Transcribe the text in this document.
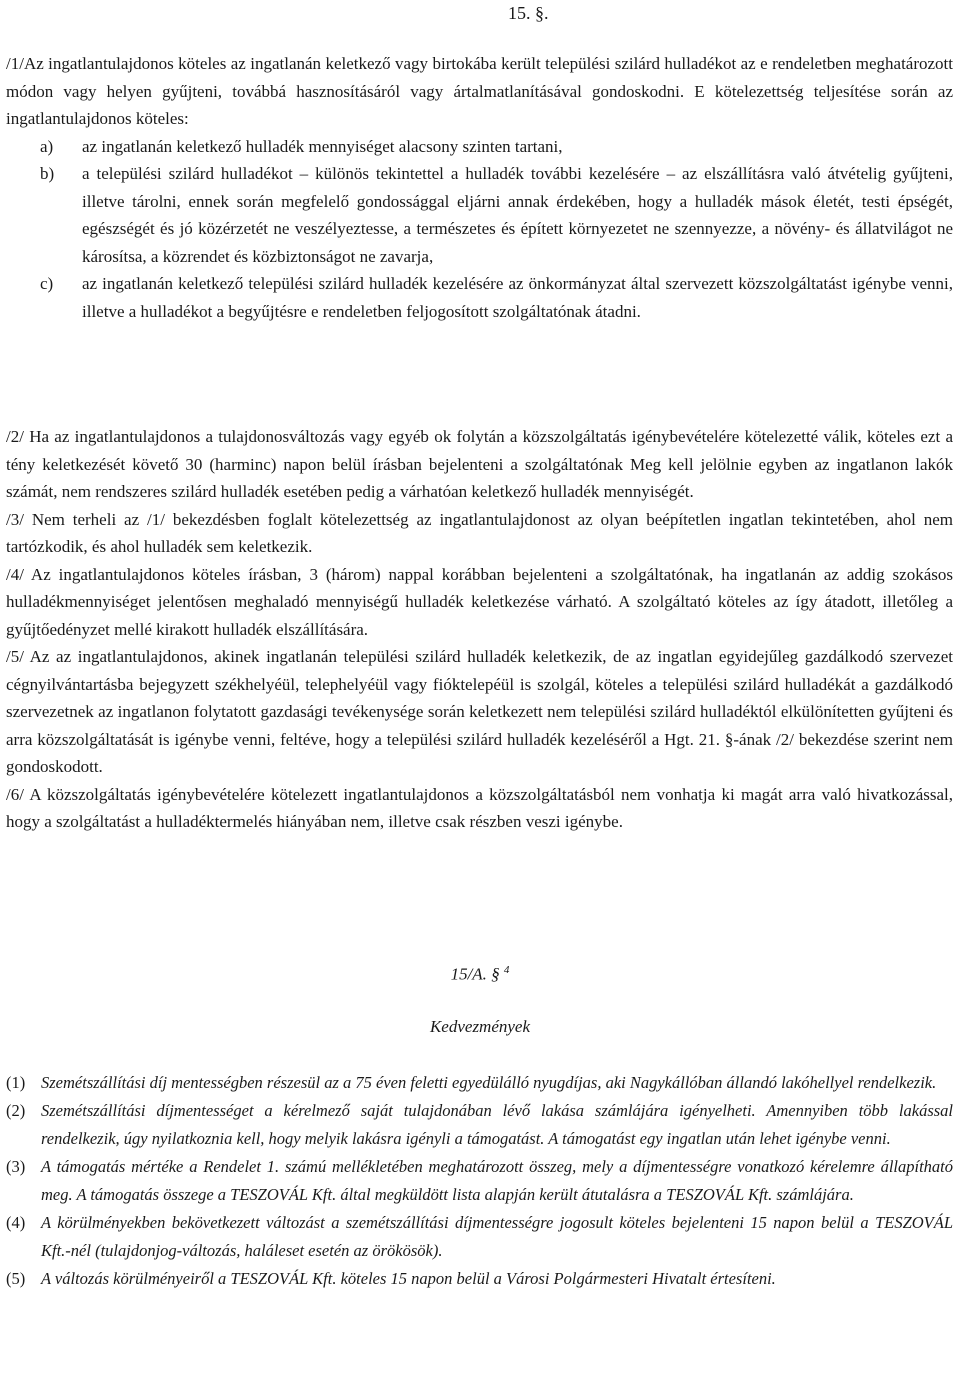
15. §.

/1/Az ingatlantulajdonos köteles az ingatlanán keletkező vagy birtokába került települési szilárd hulladékot az e rendeletben meghatározott módon vagy helyen gyűjteni, továbbá hasznosításáról vagy ártalmatlanításával gondoskodni. E kötelezettség teljesítése során az ingatlantulajdonos köteles:

a)	az ingatlanán keletkező hulladék mennyiséget alacsony szinten tartani,
b)	a települési szilárd hulladékot – különös tekintettel a hulladék további kezelésére – az elszállításra való átvételig gyűjteni, illetve tárolni, ennek során megfelelő gondossággal eljárni annak érdekében, hogy a hulladék mások életét, testi épségét, egészségét és jó közérzetét ne veszélyeztesse, a természetes és épített környezetet ne szennyezze, a növény- és állatvilágot ne károsítsa, a közrendet és közbiztonságot ne zavarja,
c)	az ingatlanán keletkező települési szilárd hulladék kezelésére az önkormányzat által szervezett közszolgáltatást igénybe venni, illetve a hulladékot a begyűjtésre e rendeletben feljogosított szolgáltatónak átadni.

/2/ Ha az ingatlantulajdonos a tulajdonosváltozás vagy egyéb ok folytán a közszolgáltatás igénybevételére kötelezetté válik, köteles ezt a tény keletkezését követő 30 (harminc) napon belül írásban bejelenteni a szolgáltatónak Meg kell jelölnie egyben az ingatlanon lakók számát, nem rendszeres szilárd hulladék esetében pedig a várhatóan keletkező hulladék mennyiségét.

/3/ Nem terheli az /1/ bekezdésben foglalt kötelezettség az ingatlantulajdonost az olyan beépítetlen ingatlan tekintetében, ahol nem tartózkodik, és ahol hulladék sem keletkezik.

/4/ Az ingatlantulajdonos köteles írásban, 3 (három) nappal korábban bejelenteni a szolgáltatónak, ha ingatlanán az addig szokásos hulladékmennyiséget jelentősen meghaladó mennyiségű hulladék keletkezése várható. A szolgáltató köteles az így átadott, illetőleg a gyűjtőedényzet mellé kirakott hulladék elszállítására.

/5/ Az az ingatlantulajdonos, akinek ingatlanán települési szilárd hulladék keletkezik, de az ingatlan egyidejűleg gazdálkodó szervezet cégnyilvántartásba bejegyzett székhelyéül, telephelyéül vagy fióktelepéül is szolgál, köteles a települési szilárd hulladékát a gazdálkodó szervezetnek az ingatlanon folytatott gazdasági tevékenysége során keletkezett nem települési szilárd hulladéktól elkülönítetten gyűjteni és arra közszolgáltatását is igénybe venni, feltéve, hogy a települési szilárd hulladék kezeléséről a Hgt. 21. §-ának /2/ bekezdése szerint nem gondoskodott.

/6/ A közszolgáltatás igénybevételére kötelezett ingatlantulajdonos a közszolgáltatásból nem vonhatja ki magát arra való hivatkozással, hogy a szolgáltatást a hulladéktermelés hiányában nem, illetve csak részben veszi igénybe.

15/A. § $^4$

Kedvezmények

(1) Szemétszállítási díj mentességben részesül az a 75 éven feletti egyedülálló nyugdíjas, aki Nagykállóban állandó lakóhellyel rendelkezik.
(2) Szemétszállítási díjmentességet a kérelmező saját tulajdonában lévő lakása számlájára igényelheti. Amennyiben több lakással rendelkezik, úgy nyilatkoznia kell, hogy melyik lakásra igényli a támogatást. A támogatást egy ingatlan után lehet igénybe venni.
(3) A támogatás mértéke a Rendelet 1. számú mellékletében meghatározott összeg, mely a díjmentességre vonatkozó kérelemre állapítható meg. A támogatás összege a TESZOVÁL Kft. által megküldött lista alapján került átutalásra a TESZOVÁL Kft. számlájára.
(4) A körülményekben bekövetkezett változást a szemétszállítási díjmentességre jogosult köteles bejelenteni 15 napon belül a TESZOVÁL Kft.-nél (tulajdonjog-változás, haláleset esetén az örökösök).
(5) A változás körülményeiről a TESZOVÁL Kft. köteles 15 napon belül a Városi Polgármesteri Hivatalt értesíteni.
